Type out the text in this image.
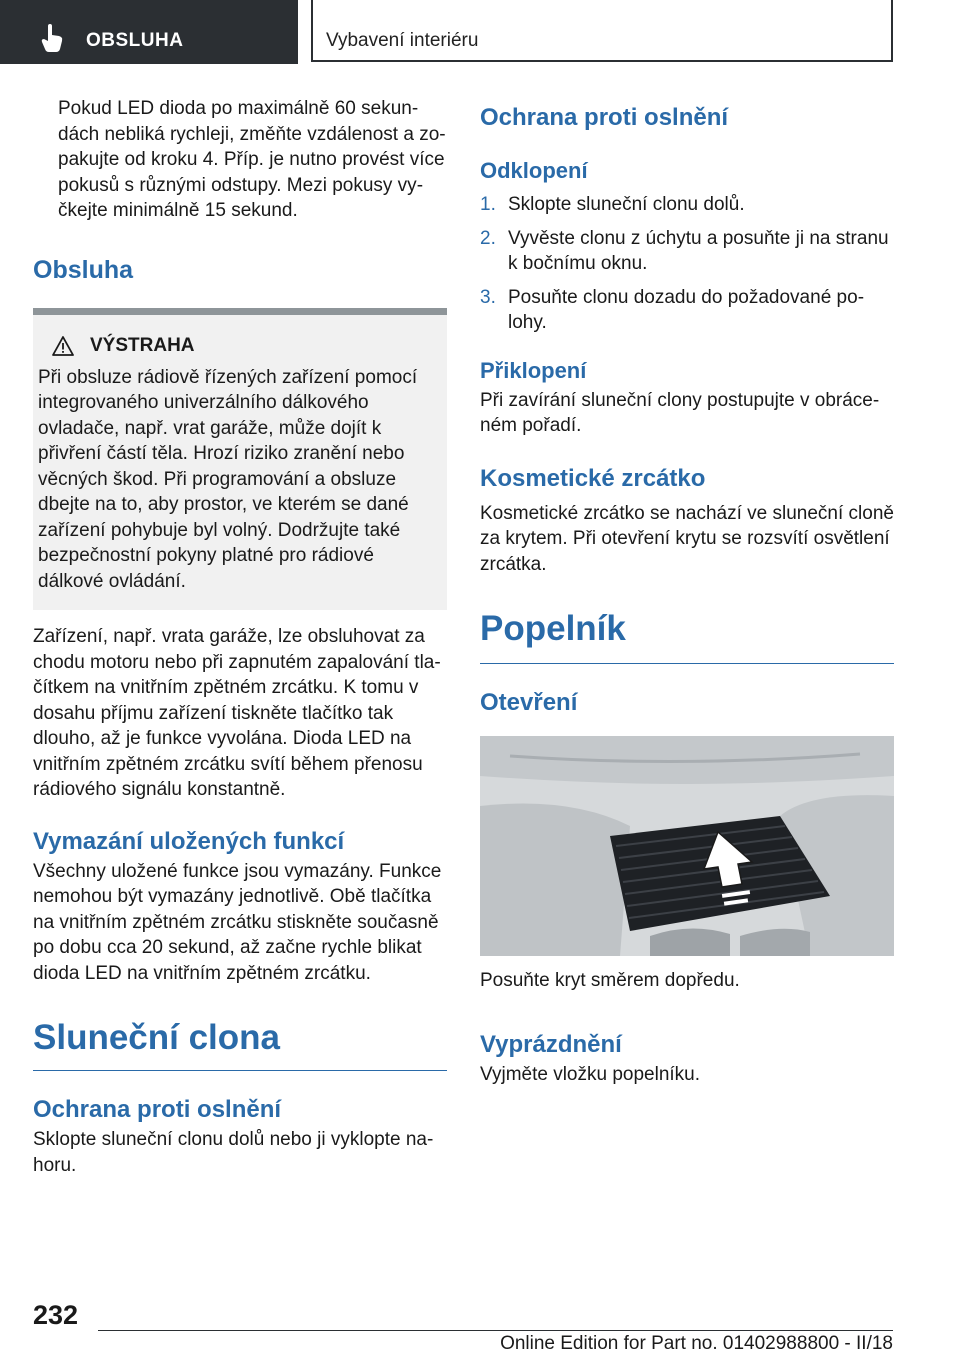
OBSLUHA	Vybavení interiéru

Pokud LED dioda po maximálně 60 sekundách nebliká rychleji, změňte vzdálenost a zopakujte od kroku 4. Příp. je nutno provést více pokusů s různými odstupy. Mezi pokusy vyčkejte minimálně 15 sekund.

Obsluha
VÝSTRAHA

Při obsluze rádiově řízených zařízení pomocí integrovaného univerzálního dálkového ovladače, např. vrat garáže, může dojít k přivření částí těla. Hrozí riziko zranění nebo věcných škod. Při programování a obsluze dbejte na to, aby prostor, ve kterém se dané zařízení pohybuje byl volný. Dodržujte také bezpečnostní pokyny platné pro rádiové dálkové ovládání.

Zařízení, např. vrata garáže, lze obsluhovat za chodu motoru nebo při zapnutém zapalování tlačítkem na vnitřním zpětném zrcátku. K tomu v dosahu příjmu zařízení tiskněte tlačítko tak dlouho, až je funkce vyvolána. Dioda LED na vnitřním zpětném zrcátku svítí během přenosu rádiového signálu konstantně.

Vymazání uložených funkcí

Všechny uložené funkce jsou vymazány. Funkce nemohou být vymazány jednotlivě. Obě tlačítka na vnitřním zpětném zrcátku stiskněte současně po dobu cca 20 sekund, až začne rychle blikat dioda LED na vnitřním zpětném zrcátku.

Sluneční clona
Ochrana proti oslnění

Sklopte sluneční clonu dolů nebo ji vyklopte nahoru.

Ochrana proti oslnění
Odklopení
1. Sklopte sluneční clonu dolů.
2. Vyvěste clonu z úchytu a posuňte ji na stranu k bočnímu oknu.
3. Posuňte clonu dozadu do požadované polohy.
Přiklopení

Při zavírání sluneční clony postupujte v obráceném pořadí.

Kosmetické zrcátko

Kosmetické zrcátko se nachází ve sluneční cloně za krytem. Při otevření krytu se rozsvítí osvětlení zrcátka.

Popelník
Otevření

Posuňte kryt směrem dopředu.

Vyprázdnění

Vyjměte vložku popelníku.

232
Online Edition for Part no. 01402988800 - II/18
